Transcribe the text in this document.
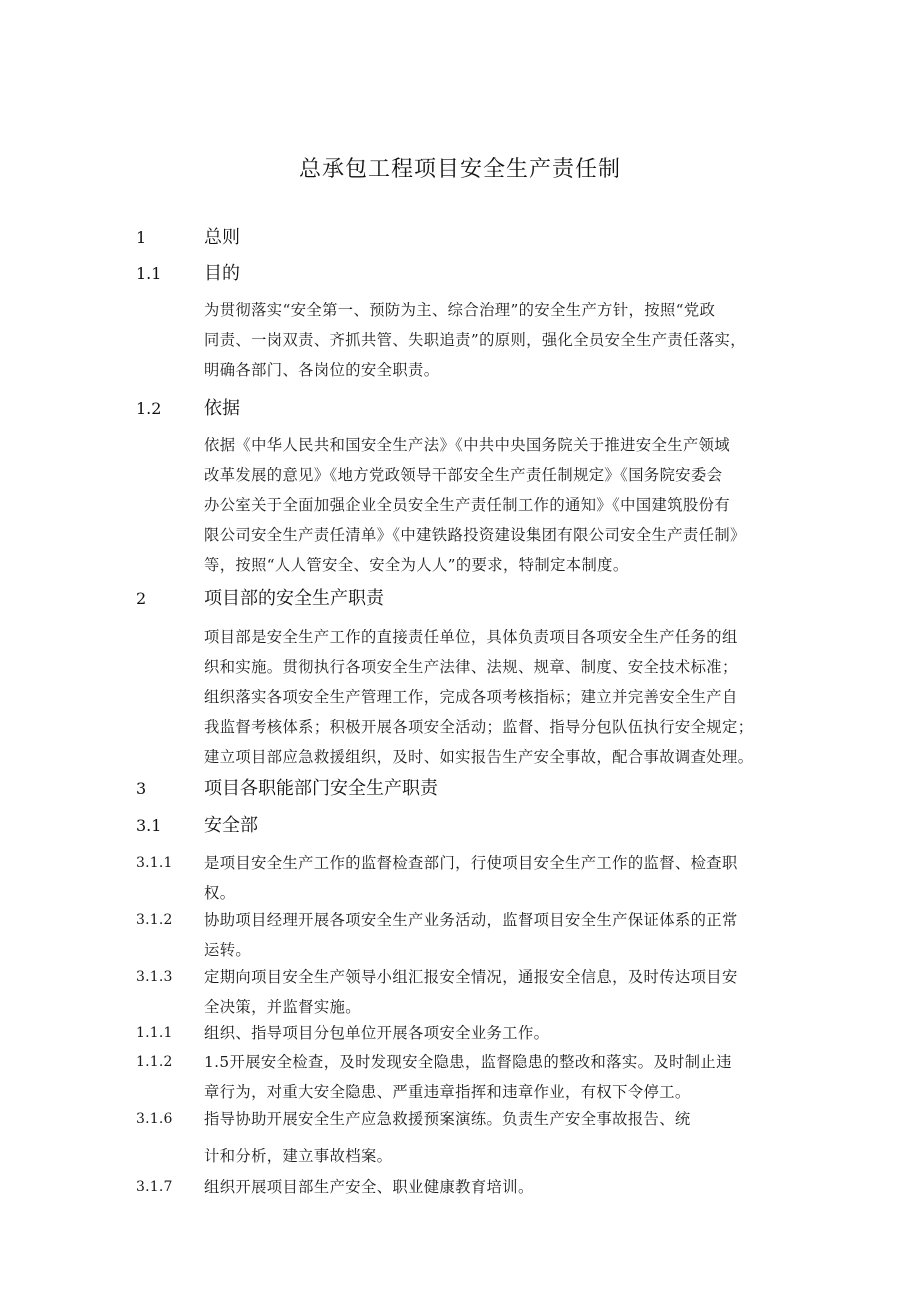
总承包工程项目安全生产责任制
1	总则
1.1 目的
为贯彻落实“安全第一、预防为主、综合治理”的安全生产方针，按照“党政
同责、一岗双责、齐抓共管、失职追责”的原则，强化全员安全生产责任落实，
明确各部门、各岗位的安全职责。
1.2 依据
依据《中华人民共和国安全生产法》《中共中央国务院关于推进安全生产领域
改革发展的意见》《地方党政领导干部安全生产责任制规定》《国务院安委会
办公室关于全面加强企业全员安全生产责任制工作的通知》《中国建筑股份有
限公司安全生产责任清单》《中建铁路投资建设集团有限公司安全生产责任制》
等，按照“人人管安全、安全为人人”的要求，特制定本制度。
2	项目部的安全生产职责
项目部是安全生产工作的直接责任单位，具体负责项目各项安全生产任务的组
织和实施。贯彻执行各项安全生产法律、法规、规章、制度、安全技术标准；
组织落实各项安全生产管理工作，完成各项考核指标；建立并完善安全生产自
我监督考核体系；积极开展各项安全活动；监督、指导分包队伍执行安全规定；
建立项目部应急救援组织，及时、如实报告生产安全事故，配合事故调查处理。
3	项目各职能部门安全生产职责
3.1 安全部
3.1.1 是项目安全生产工作的监督检查部门，行使项目安全生产工作的监督、检查职
权。
3.1.2 协助项目经理开展各项安全生产业务活动，监督项目安全生产保证体系的正常
运转。
3.1.3 定期向项目安全生产领导小组汇报安全情况，通报安全信息，及时传达项目安
全决策，并监督实施。
1.1.1 组织、指导项目分包单位开展各项安全业务工作。
1.1.2 1.5开展安全检查，及时发现安全隐患，监督隐患的整改和落实。及时制止违
章行为，对重大安全隐患、严重违章指挥和违章作业，有权下令停工。
3.1.6 指导协助开展安全生产应急救援预案演练。负责生产安全事故报告、统
计和分析，建立事故档案。
3.1.7 组织开展项目部生产安全、职业健康教育培训。
